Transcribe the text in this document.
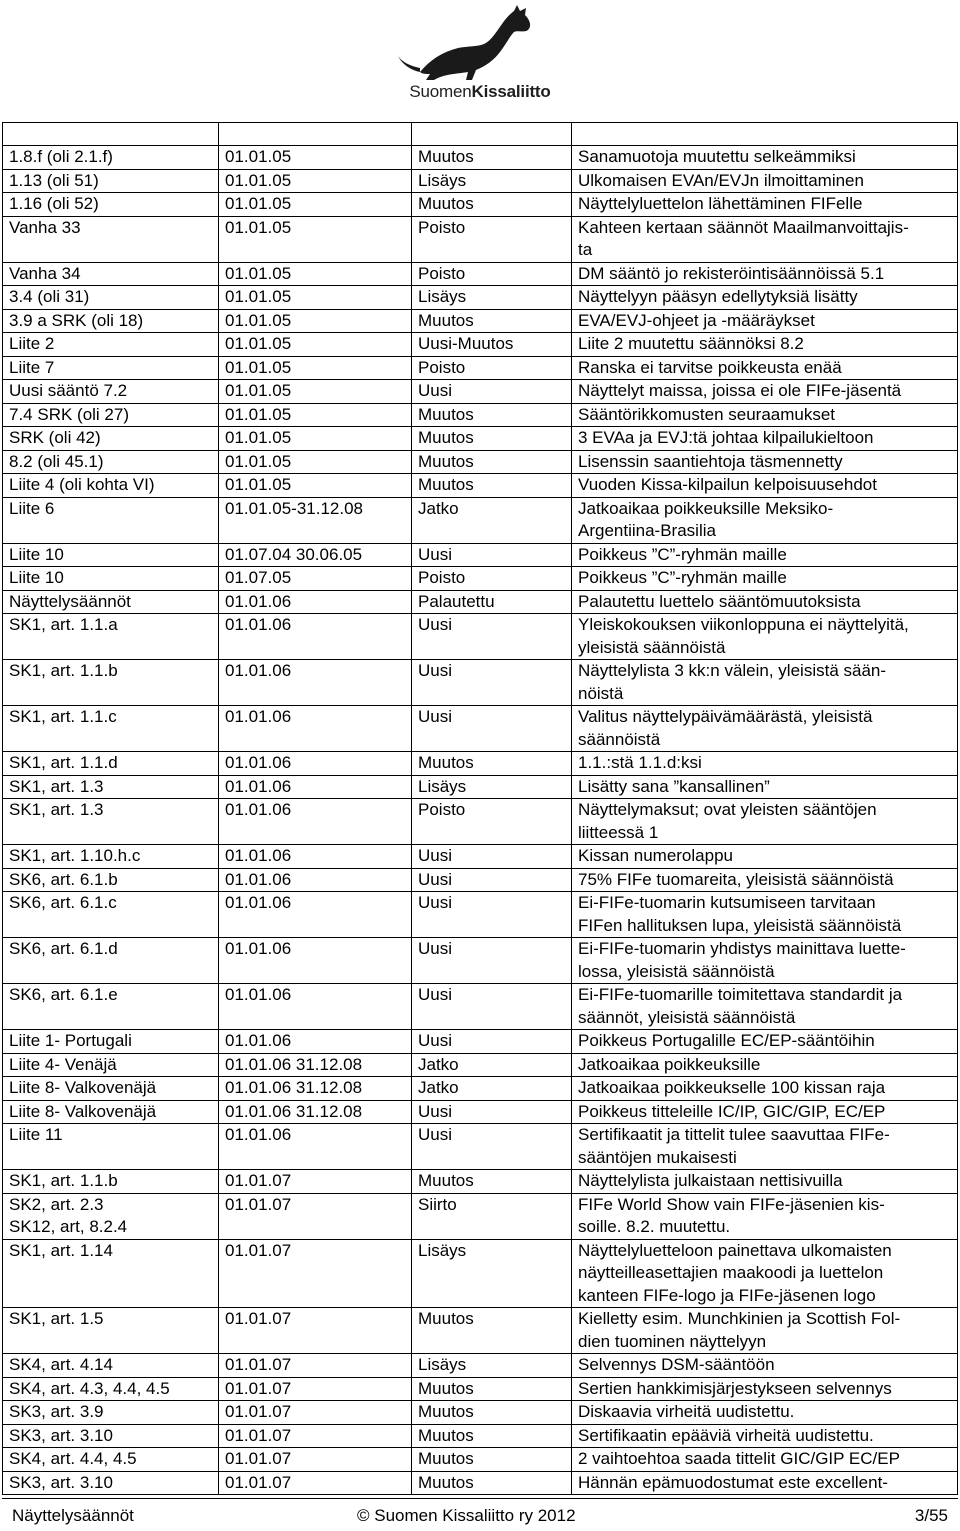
SuomenKissaliitto

1.8.f (oli 2.1.f)	01.01.05	Muutos	Sanamuotoja muutettu selkeämmiksi
1.13 (oli 51)	01.01.05	Lisäys	Ulkomaisen EVAn/EVJn ilmoittaminen
1.16 (oli 52)	01.01.05	Muutos	Näyttelyluettelon lähettäminen FIFelle
Vanha 33	01.01.05	Poisto	Kahteen kertaan säännöt Maailmanvoittajis-
ta
Vanha 34	01.01.05	Poisto	DM sääntö jo rekisteröintisäännöissä 5.1
3.4 (oli 31)	01.01.05	Lisäys	Näyttelyyn pääsyn edellytyksiä lisätty
3.9 a SRK (oli 18)	01.01.05	Muutos	EVA/EVJ-ohjeet ja -määräykset
Liite 2	01.01.05	Uusi-Muutos	Liite 2 muutettu säännöksi 8.2
Liite 7	01.01.05	Poisto	Ranska ei tarvitse poikkeusta enää
Uusi sääntö 7.2	01.01.05	Uusi	Näyttelyt maissa, joissa ei ole FIFe-jäsentä
7.4 SRK (oli 27)	01.01.05	Muutos	Sääntörikkomusten seuraamukset
SRK (oli 42)	01.01.05	Muutos	3 EVAa ja EVJ:tä johtaa kilpailukieltoon
8.2 (oli 45.1)	01.01.05	Muutos	Lisenssin saantiehtoja täsmennetty
Liite 4 (oli kohta VI)	01.01.05	Muutos	Vuoden Kissa-kilpailun kelpoisuusehdot
Liite 6	01.01.05-31.12.08	Jatko	Jatkoaikaa poikkeuksille Meksiko-
Argentiina-Brasilia
Liite 10	01.07.04 30.06.05	Uusi	Poikkeus ”C”-ryhmän maille
Liite 10	01.07.05	Poisto	Poikkeus ”C”-ryhmän maille
Näyttelysäännöt	01.01.06	Palautettu	Palautettu luettelo sääntömuutoksista
SK1, art. 1.1.a	01.01.06	Uusi	Yleiskokouksen viikonloppuna ei näyttelyitä,
yleisistä säännöistä
SK1, art. 1.1.b	01.01.06	Uusi	Näyttelylista 3 kk:n välein, yleisistä sään-
nöistä
SK1, art. 1.1.c	01.01.06	Uusi	Valitus näyttelypäivämäärästä, yleisistä
säännöistä
SK1, art. 1.1.d	01.01.06	Muutos	1.1.:stä 1.1.d:ksi
SK1, art. 1.3	01.01.06	Lisäys	Lisätty sana ”kansallinen”
SK1, art. 1.3	01.01.06	Poisto	Näyttelymaksut; ovat yleisten sääntöjen
liitteessä 1
SK1, art. 1.10.h.c	01.01.06	Uusi	Kissan numerolappu
SK6, art. 6.1.b	01.01.06	Uusi	75% FIFe tuomareita, yleisistä säännöistä
SK6, art. 6.1.c	01.01.06	Uusi	Ei-FIFe-tuomarin kutsumiseen tarvitaan
FIFen hallituksen lupa, yleisistä säännöistä
SK6, art. 6.1.d	01.01.06	Uusi	Ei-FIFe-tuomarin yhdistys mainittava luette-
lossa, yleisistä säännöistä
SK6, art. 6.1.e	01.01.06	Uusi	Ei-FIFe-tuomarille toimitettava standardit ja
säännöt, yleisistä säännöistä
Liite 1- Portugali	01.01.06	Uusi	Poikkeus Portugalille EC/EP-sääntöihin
Liite 4- Venäjä	01.01.06 31.12.08	Jatko	Jatkoaikaa poikkeuksille
Liite 8- Valkovenäjä	01.01.06 31.12.08	Jatko	Jatkoaikaa poikkeukselle 100 kissan raja
Liite 8- Valkovenäjä	01.01.06 31.12.08	Uusi	Poikkeus titteleille IC/IP, GIC/GIP, EC/EP
Liite 11	01.01.06	Uusi	Sertifikaatit ja tittelit tulee saavuttaa FIFe-
sääntöjen mukaisesti
SK1, art. 1.1.b	01.01.07	Muutos	Näyttelylista julkaistaan nettisivuilla
SK2, art. 2.3
SK12, art, 8.2.4	01.01.07	Siirto	FIFe World Show vain FIFe-jäsenien kis-
soille. 8.2. muutettu.
SK1, art. 1.14	01.01.07	Lisäys	Näyttelyluetteloon painettava ulkomaisten
näytteilleasettajien maakoodi ja luettelon
kanteen FIFe-logo ja FIFe-jäsenen logo
SK1, art. 1.5	01.01.07	Muutos	Kielletty esim. Munchkinien ja Scottish Fol-
dien tuominen näyttelyyn
SK4, art. 4.14	01.01.07	Lisäys	Selvennys DSM-sääntöön
SK4, art. 4.3, 4.4, 4.5	01.01.07	Muutos	Sertien hankkimisjärjestykseen selvennys
SK3, art. 3.9	01.01.07	Muutos	Diskaavia virheitä uudistettu.
SK3, art. 3.10	01.01.07	Muutos	Sertifikaatin epääviä virheitä uudistettu.
SK4, art. 4.4, 4.5	01.01.07	Muutos	2 vaihtoehtoa saada tittelit GIC/GIP EC/EP
SK3, art. 3.10	01.01.07	Muutos	Hännän epämuodostumat este excellent-
Näyttelysäännöt	© Suomen Kissaliitto ry 2012	3/55
